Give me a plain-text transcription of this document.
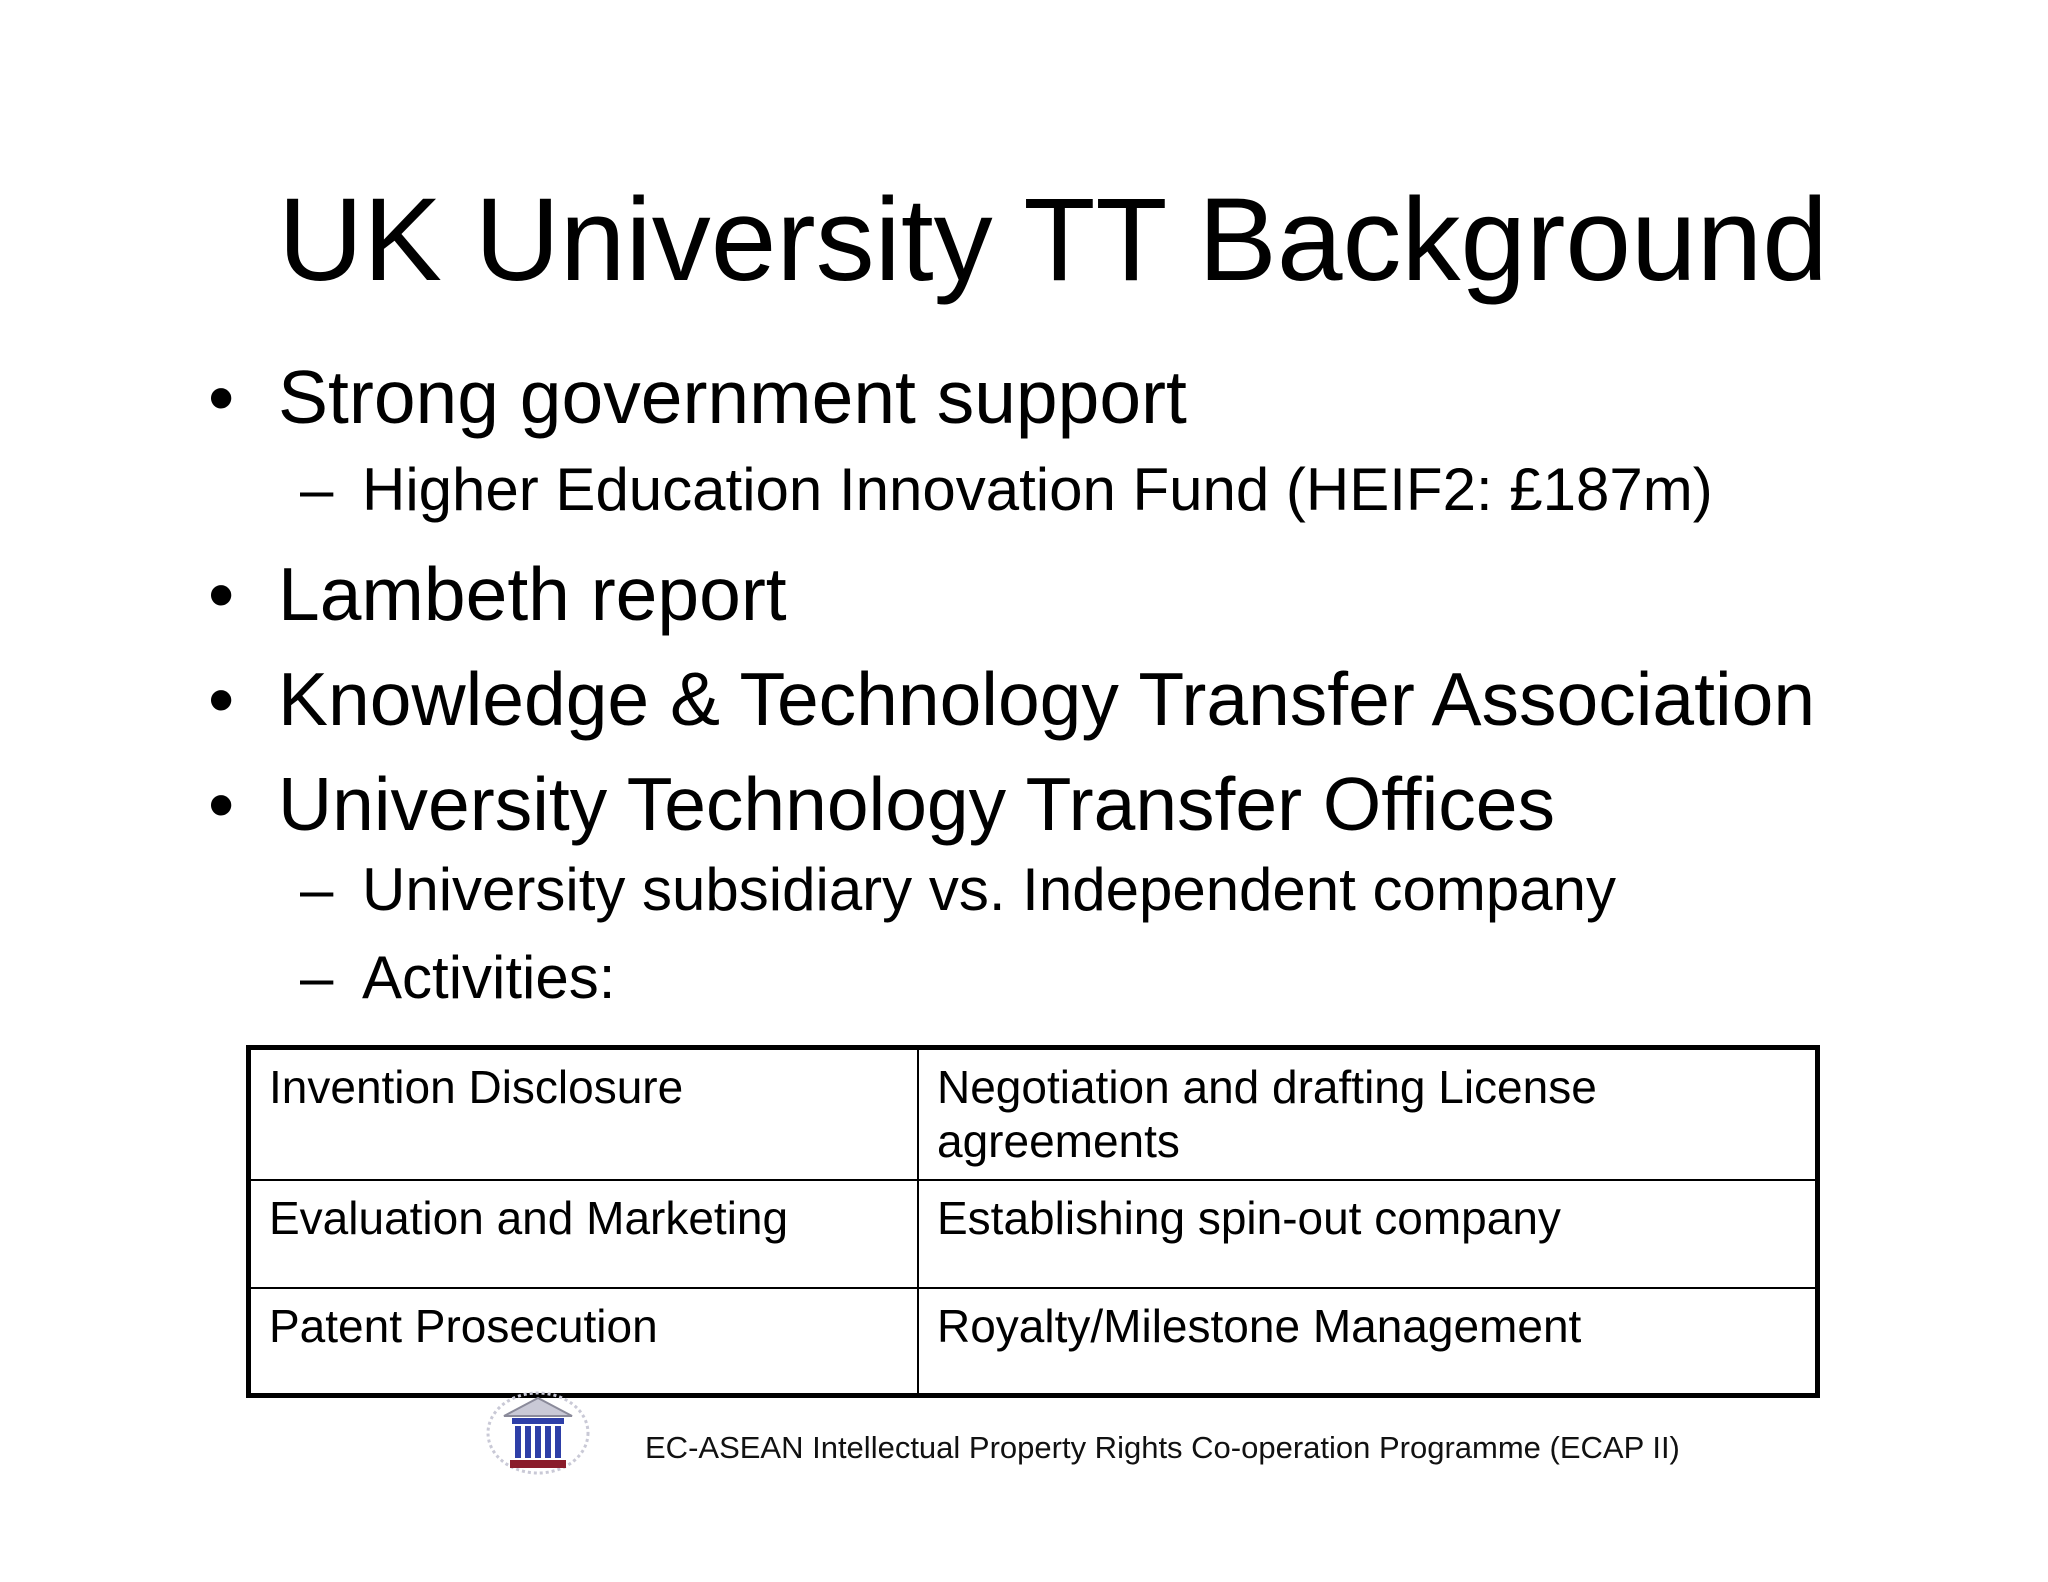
UK University TT Background
• Strong government support
– Higher Education Innovation Fund (HEIF2: £187m)
• Lambeth report
• Knowledge & Technology Transfer Association
• University Technology Transfer Offices
– University subsidiary vs. Independent company
– Activities:
Invention Disclosure	Negotiation and drafting License agreements
Evaluation and Marketing	Establishing spin-out company
Patent Prosecution	Royalty/Milestone Management
EC-ASEAN Intellectual Property Rights Co-operation Programme (ECAP II)
